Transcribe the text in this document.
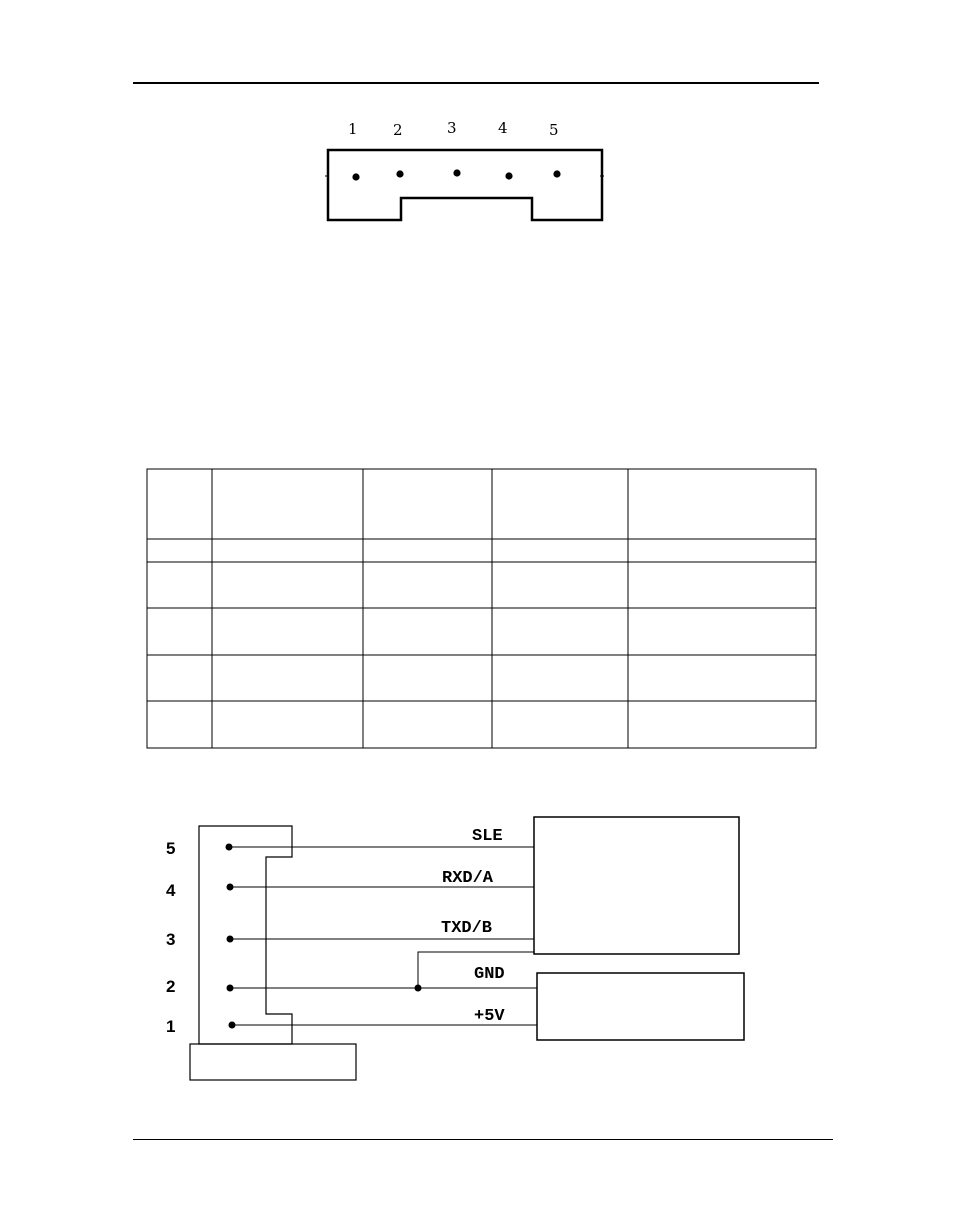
1 2	3	4	5
5
4
3
2
1
SLE
RXD/A
TXD/B
GND
+5V
